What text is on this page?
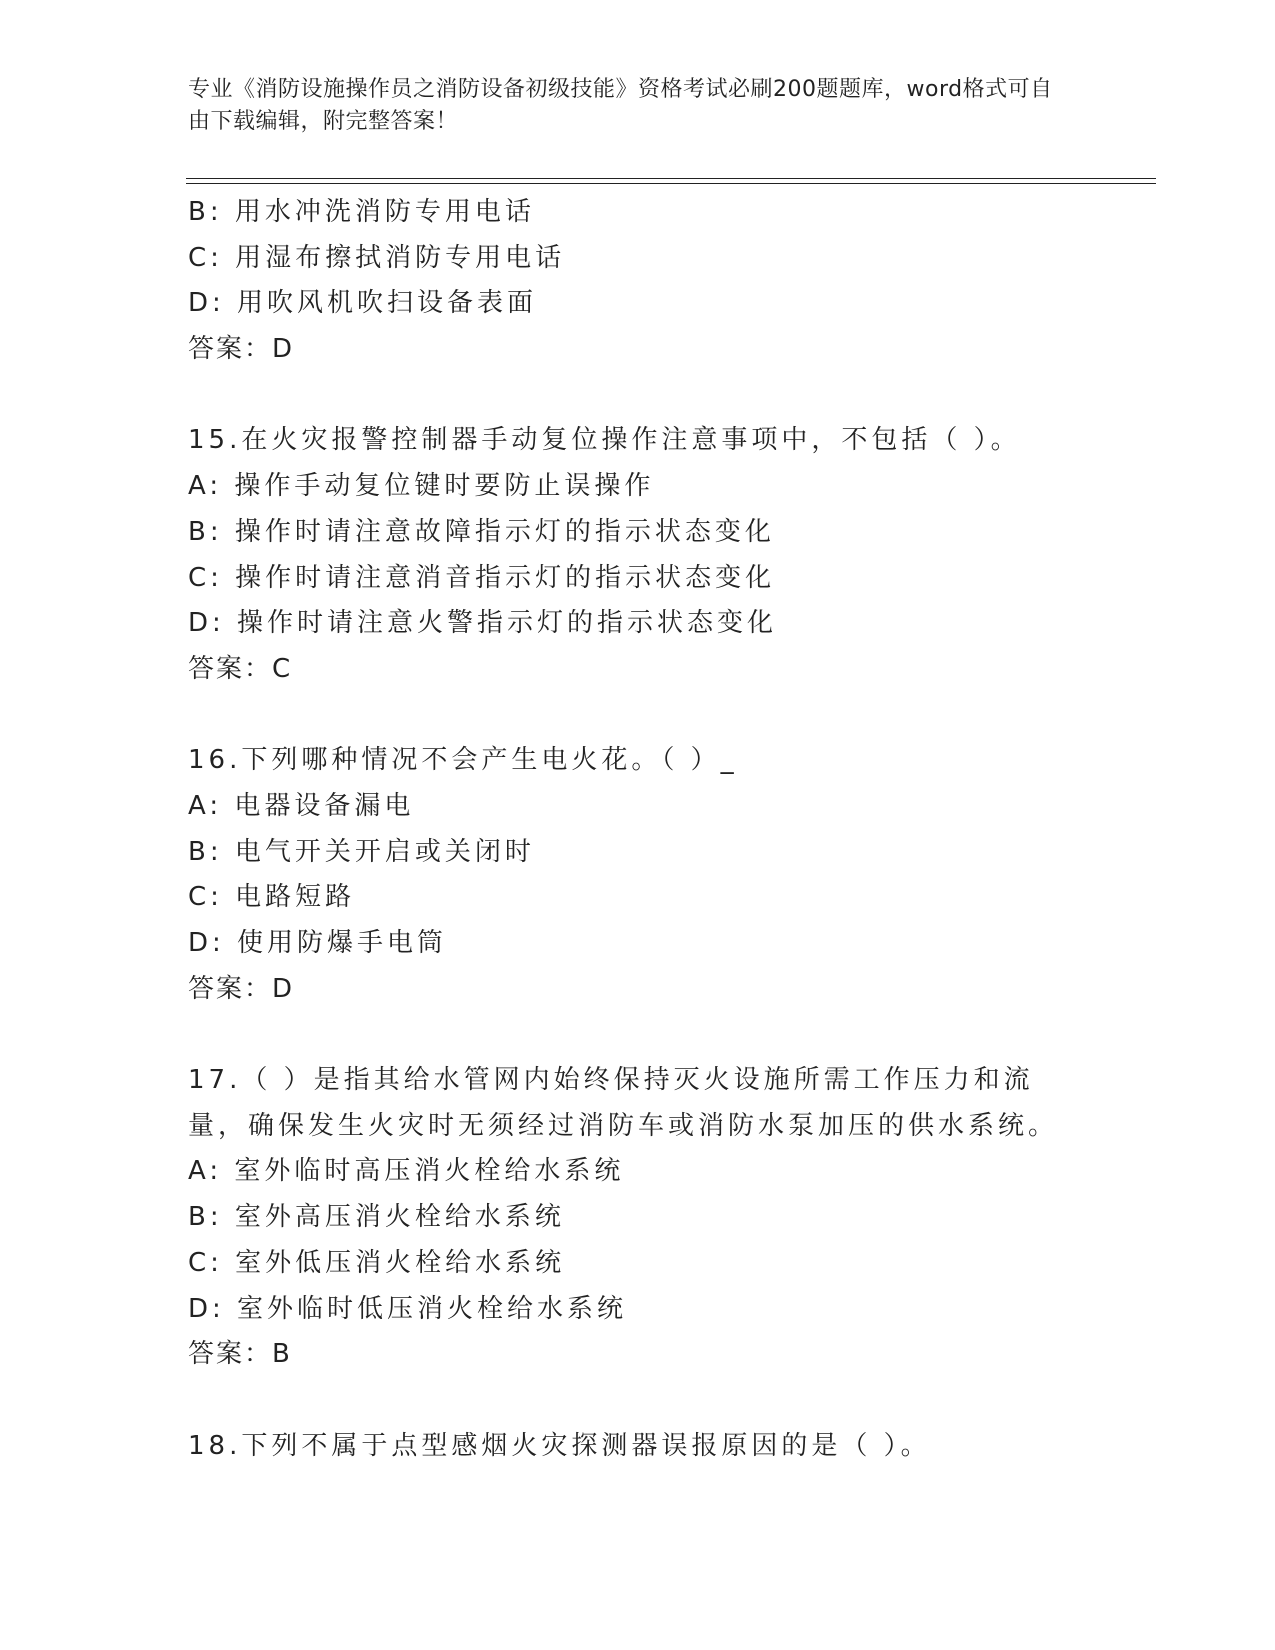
专业《消防设施操作员之消防设备初级技能》资格考试必刷200题题库，word格式可自由下载编辑，附完整答案！
B: 用水冲洗消防专用电话
C: 用湿布擦拭消防专用电话
D: 用吹风机吹扫设备表面
答案：D
15.在火灾报警控制器手动复位操作注意事项中，不包括（ ）。
A: 操作手动复位键时要防止误操作
B: 操作时请注意故障指示灯的指示状态变化
C: 操作时请注意消音指示灯的指示状态变化
D: 操作时请注意火警指示灯的指示状态变化
答案：C
16.下列哪种情况不会产生电火花。（ ）_
A: 电器设备漏电
B: 电气开关开启或关闭时
C: 电路短路
D: 使用防爆手电筒
答案：D
17.（ ）是指其给水管网内始终保持灭火设施所需工作压力和流量，确保发生火灾时无须经过消防车或消防水泵加压的供水系统。
A: 室外临时高压消火栓给水系统
B: 室外高压消火栓给水系统
C: 室外低压消火栓给水系统
D: 室外临时低压消火栓给水系统
答案：B
18.下列不属于点型感烟火灾探测器误报原因的是（ ）。
